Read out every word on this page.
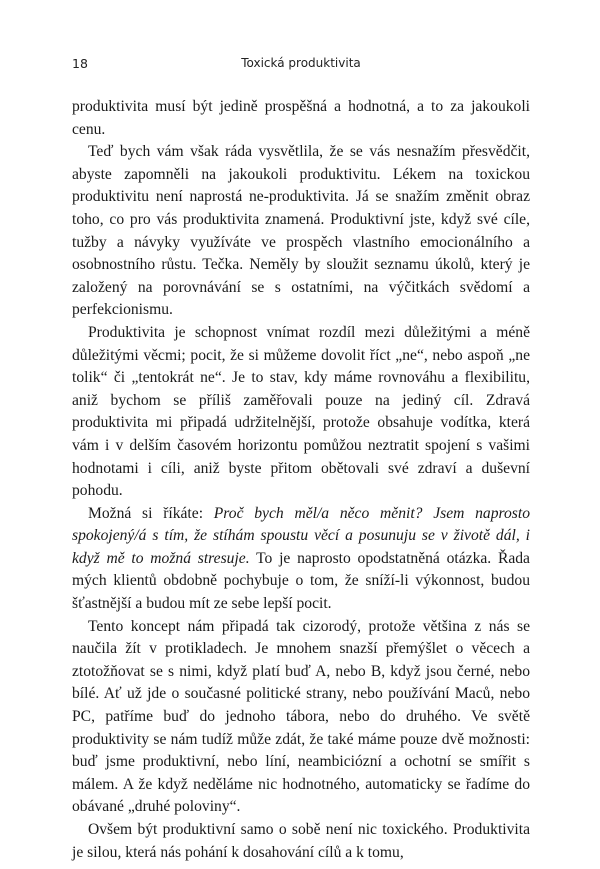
18	Toxická produktivita

produktivita musí být jedině prospěšná a hodnotná, a to za jakoukoli cenu.

Teď bych vám však ráda vysvětlila, že se vás nesnažím přesvědčit, abyste zapomněli na jakoukoli produktivitu. Lékem na toxickou produktivitu není naprostá ne-produktivita. Já se snažím změnit obraz toho, co pro vás produktivita znamená. Produktivní jste, když své cíle, tužby a návyky využíváte ve prospěch vlastního emocionálního a osobnostního růstu. Tečka. Neměly by sloužit seznamu úkolů, který je založený na porovnávání se s ostatními, na výčitkách svědomí a perfekcionismu.

Produktivita je schopnost vnímat rozdíl mezi důležitými a méně důležitými věcmi; pocit, že si můžeme dovolit říct „ne“, nebo aspoň „ne tolik“ či „tentokrát ne“. Je to stav, kdy máme rovnováhu a flexibilitu, aniž bychom se příliš zaměřovali pouze na jediný cíl. Zdravá produktivita mi připadá udržitelnější, protože obsahuje vodítka, která vám i v delším časovém horizontu pomůžou neztratit spojení s vašimi hodnotami i cíli, aniž byste přitom obětovali své zdraví a duševní pohodu.

Možná si říkáte: Proč bych měl/a něco měnit? Jsem naprosto spokojený/á s tím, že stíhám spoustu věcí a posunuju se v životě dál, i když mě to možná stresuje. To je naprosto opodstatněná otázka. Řada mých klientů obdobně pochybuje o tom, že sníží-li výkonnost, budou šťastnější a budou mít ze sebe lepší pocit.

Tento koncept nám připadá tak cizorodý, protože většina z nás se naučila žít v protikladech. Je mnohem snazší přemýšlet o věcech a ztotožňovat se s nimi, když platí buď A, nebo B, když jsou černé, nebo bílé. Ať už jde o současné politické strany, nebo používání Maců, nebo PC, patříme buď do jednoho tábora, nebo do druhého. Ve světě produktivity se nám tudíž může zdát, že také máme pouze dvě možnosti: buď jsme produktivní, nebo líní, neambiciózní a ochotní se smířit s málem. A že když neděláme nic hodnotného, automaticky se řadíme do obávané „druhé poloviny“.

Ovšem být produktivní samo o sobě není nic toxického. Produktivita je silou, která nás pohání k dosahování cílů a k tomu,
